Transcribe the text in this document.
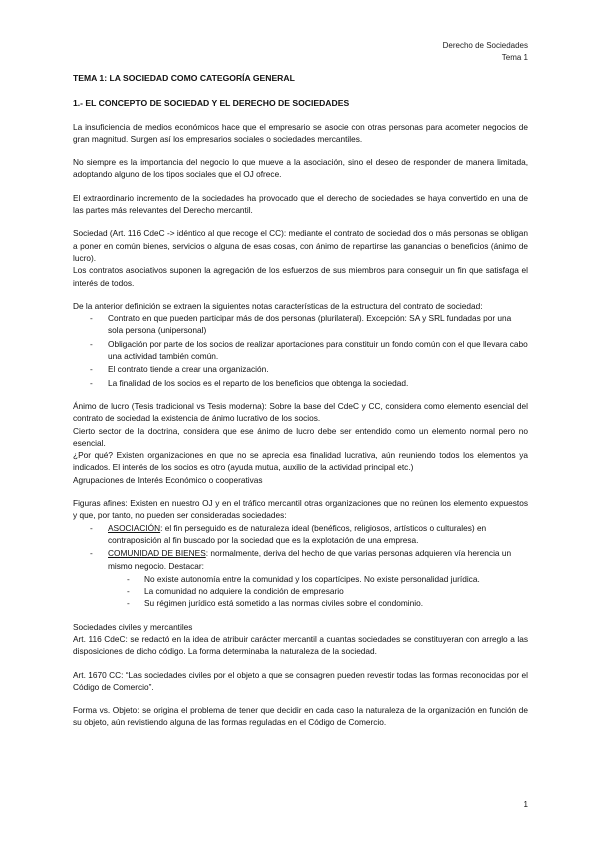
Derecho de Sociedades
Tema 1
TEMA 1: LA SOCIEDAD COMO CATEGORÍA GENERAL
1.- EL CONCEPTO DE SOCIEDAD Y EL DERECHO DE SOCIEDADES

La insuficiencia de medios económicos hace que el empresario se asocie con otras personas para acometer negocios de gran magnitud. Surgen así los empresarios sociales o sociedades mercantiles.

No siempre es la importancia del negocio lo que mueve a la asociación, sino el deseo de responder de manera limitada, adoptando alguno de los tipos sociales que el OJ ofrece.

El extraordinario incremento de la sociedades ha provocado que el derecho de sociedades se haya convertido en una de las partes más relevantes del Derecho mercantil.

Sociedad (Art. 116 CdeC -> idéntico al que recoge el CC): mediante el contrato de sociedad dos o más personas se obligan a poner en común bienes, servicios o alguna de esas cosas, con ánimo de repartirse las ganancias o beneficios (ánimo de lucro).

Los contratos asociativos suponen la agregación de los esfuerzos de sus miembros para conseguir un fin que satisfaga el interés de todos.

De la anterior definición se extraen la siguientes notas características de la estructura del contrato de sociedad:

- Contrato en que pueden participar más de dos personas (plurilateral). Excepción: SA y SRL fundadas por una sola persona (unipersonal)
- Obligación por parte de los socios de realizar aportaciones para constituir un fondo común con el que llevara cabo una actividad también común.
- El contrato tiende a crear una organización.
- La finalidad de los socios es el reparto de los beneficios que obtenga la sociedad.

Ánimo de lucro (Tesis tradicional vs Tesis moderna): Sobre la base del CdeC y CC, considera como elemento esencial del contrato de sociedad la existencia de ánimo lucrativo de los socios.

Cierto sector de la doctrina, considera que ese ánimo de lucro debe ser entendido como un elemento normal pero no esencial.

¿Por qué? Existen organizaciones en que no se aprecia esa finalidad lucrativa, aún reuniendo todos los elementos ya indicados. El interés de los socios es otro (ayuda mutua, auxilio de la actividad principal etc.)

Agrupaciones de Interés Económico o cooperativas

Figuras afines: Existen en nuestro OJ y en el tráfico mercantil otras organizaciones que no reúnen los elemento expuestos y que, por tanto, no pueden ser consideradas sociedades:

- ASOCIACIÓN: el fin perseguido es de naturaleza ideal (benéficos, religiosos, artísticos o culturales) en contraposición al fin buscado por la sociedad que es la explotación de una empresa.
- COMUNIDAD DE BIENES: normalmente, deriva del hecho de que varias personas adquieren vía herencia un mismo negocio. Destacar:
- No existe autonomía entre la comunidad y los copartícipes. No existe personalidad jurídica.
- La comunidad no adquiere la condición de empresario
- Su régimen jurídico está sometido a las normas civiles sobre el condominio.

Sociedades civiles y mercantiles

Art. 116 CdeC: se redactó en la idea de atribuir carácter mercantil a cuantas sociedades se constituyeran con arreglo a las disposiciones de dicho código. La forma determinaba la naturaleza de la sociedad.

Art. 1670 CC: “Las sociedades civiles por el objeto a que se consagren pueden revestir todas las formas reconocidas por el Código de Comercio”.

Forma vs. Objeto: se origina el problema de tener que decidir en cada caso la naturaleza de la organización en función de su objeto, aún revistiendo alguna de las formas reguladas en el Código de Comercio.

1
